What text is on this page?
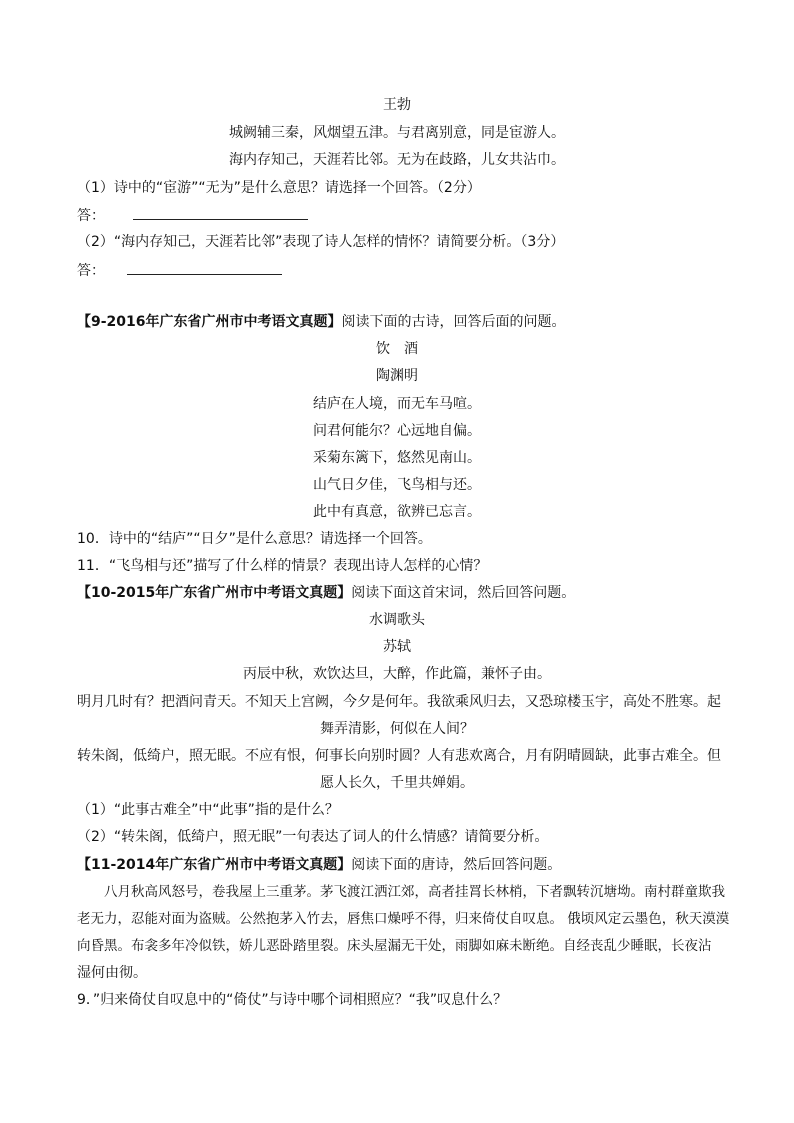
王勃
城阙辅三秦，风烟望五津。与君离别意，同是宦游人。
海内存知己，天涯若比邻。无为在歧路，儿女共沾巾。
（1）诗中的“宦游”“无为”是什么意思？请选择一个回答。（2分）
答：
（2）“海内存知己，天涯若比邻”表现了诗人怎样的情怀？请简要分析。（3分）
答：
【9-2016年广东省广州市中考语文真题】阅读下面的古诗，回答后面的问题。
饮　酒
陶渊明
结庐在人境，而无车马喧。
问君何能尔？心远地自偏。
采菊东篱下，悠然见南山。
山气日夕佳，飞鸟相与还。
此中有真意，欲辨已忘言。
10．诗中的“结庐”“日夕”是什么意思？请选择一个回答。
11．“飞鸟相与还”描写了什么样的情景？表现出诗人怎样的心情？
【10-2015年广东省广州市中考语文真题】阅读下面这首宋词，然后回答问题。
水调歌头
苏轼
丙辰中秋，欢饮达旦，大醉，作此篇，兼怀子由。
明月几时有？把酒问青天。不知天上宫阙，今夕是何年。我欲乘风归去，又恐琼楼玉宇，高处不胜寒。起
舞弄清影，何似在人间？
转朱阁，低绮户，照无眠。不应有恨，何事长向别时圆？人有悲欢离合，月有阴晴圆缺，此事古难全。但
愿人长久，千里共婵娟。
（1）“此事古难全”中“此事”指的是什么？
（2）“转朱阁，低绮户，照无眠”一句表达了词人的什么情感？请简要分析。
【11-2014年广东省广州市中考语文真题】阅读下面的唐诗，然后回答问题。
八月秋高风怒号，卷我屋上三重茅。茅飞渡江洒江郊，高者挂罥长林梢，下者飘转沉塘坳。南村群童欺我
老无力，忍能对面为盗贼。公然抱茅入竹去，唇焦口燥呼不得，归来倚仗自叹息。 俄顷风定云墨色，秋天漠漠
向昏黑。布衾多年冷似铁，娇儿恶卧踏里裂。床头屋漏无干处，雨脚如麻未断绝。自经丧乱少睡眠，长夜沾
湿何由彻。
9．”归来倚仗自叹息中的“倚仗”与诗中哪个词相照应？“我”叹息什么？
